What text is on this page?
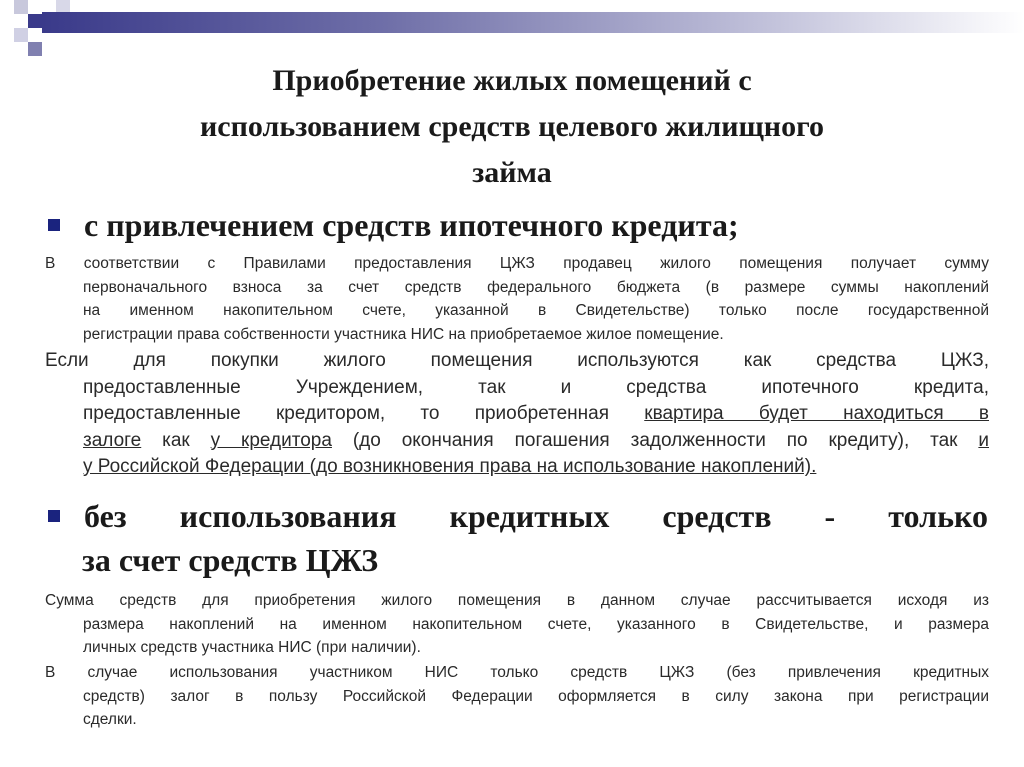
Приобретение жилых помещений с
использованием средств целевого жилищного
займа
с привлечением средств ипотечного кредита;
В соответствии с Правилами предоставления ЦЖЗ продавец жилого помещения получает сумму
первоначального взноса за счет средств федерального бюджета (в размере суммы накоплений
на именном накопительном счете, указанной в Свидетельстве) только после государственной
регистрации права собственности участника НИС на приобретаемое жилое помещение.
Если для покупки жилого помещения используются как средства ЦЖЗ,
предоставленные Учреждением, так и средства ипотечного кредита,
предоставленные кредитором, то приобретенная квартира будет находиться в
залоге как у кредитора (до окончания погашения задолженности по кредиту), так и
у Российской Федерации (до возникновения права на использование накоплений).
без использования кредитных средств - только
за счет средств ЦЖЗ
Сумма средств для приобретения жилого помещения в данном случае рассчитывается исходя из
размера накоплений на именном накопительном счете, указанного в Свидетельстве, и размера
личных средств участника НИС (при наличии).
В случае использования участником НИС только средств ЦЖЗ (без привлечения кредитных
средств) залог в пользу Российской Федерации оформляется в силу закона при регистрации
сделки.
